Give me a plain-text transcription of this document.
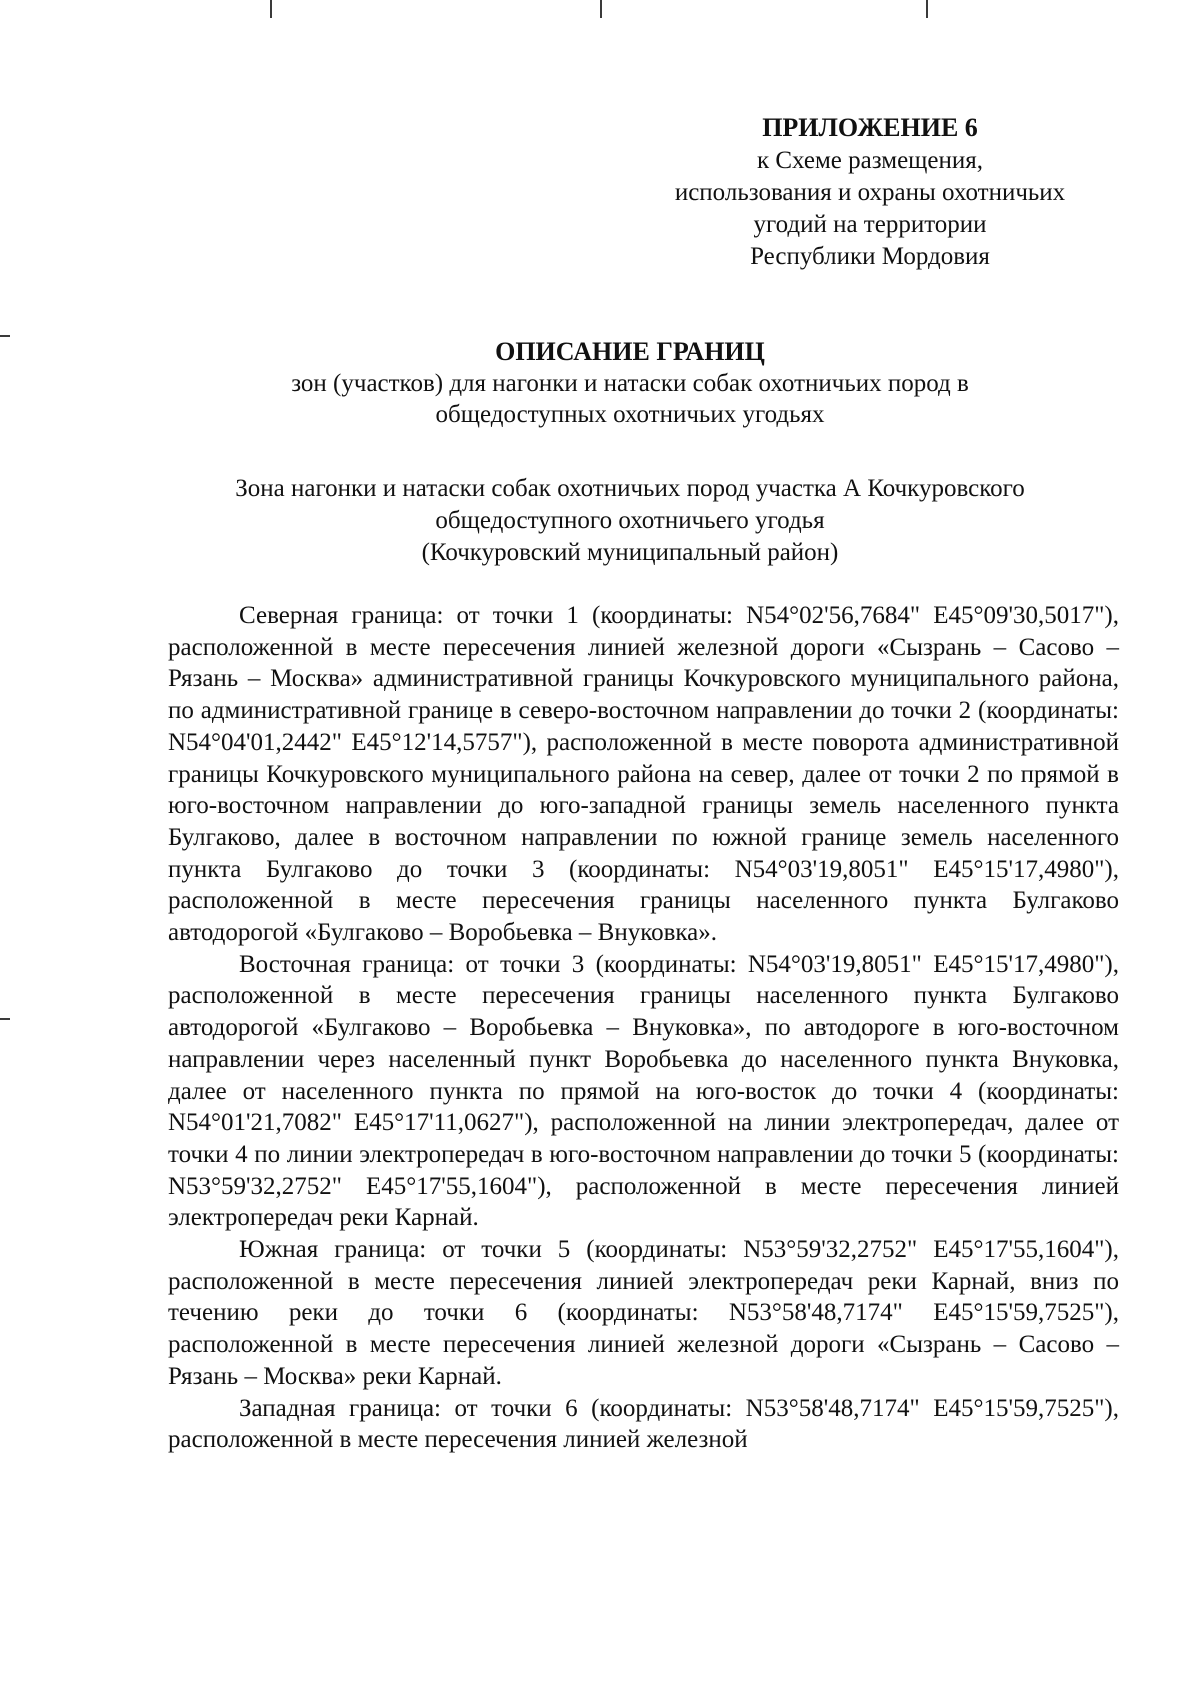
ПРИЛОЖЕНИЕ 6
к Схеме размещения,
использования и охраны охотничьих
угодий на территории
Республики Мордовия
ОПИСАНИЕ ГРАНИЦ
зон (участков) для нагонки и натаски собак охотничьих пород в
общедоступных охотничьих угодьях
Зона нагонки и натаски собак охотничьих пород участка А Кочкуровского
общедоступного охотничьего угодья
(Кочкуровский муниципальный район)

Северная граница: от точки 1 (координаты: N54°02'56,7684" E45°09'30,5017"), расположенной в месте пересечения линией железной дороги «Сызрань – Сасово – Рязань – Москва» административной границы Кочкуровского муниципального района, по административной границе в северо-восточном направлении до точки 2 (координаты: N54°04'01,2442" E45°12'14,5757"), расположенной в месте поворота административной границы Кочкуровского муниципального района на север, далее от точки 2 по прямой в юго-восточном направлении до юго-западной границы земель населенного пункта Булгаково, далее в восточном направлении по южной границе земель населенного пункта Булгаково до точки 3 (координаты: N54°03'19,8051" E45°15'17,4980"), расположенной в месте пересечения границы населенного пункта Булгаково автодорогой «Булгаково – Воробьевка – Внуковка».

Восточная граница: от точки 3 (координаты: N54°03'19,8051" E45°15'17,4980"), расположенной в месте пересечения границы населенного пункта Булгаково автодорогой «Булгаково – Воробьевка – Внуковка», по автодороге в юго-восточном направлении через населенный пункт Воробьевка до населенного пункта Внуковка, далее от населенного пункта по прямой на юго-восток до точки 4 (координаты: N54°01'21,7082" E45°17'11,0627"), расположенной на линии электропередач, далее от точки 4 по линии электропередач в юго-восточном направлении до точки 5 (координаты: N53°59'32,2752" E45°17'55,1604"), расположенной в месте пересечения линией электропередач реки Карнай.

Южная граница: от точки 5 (координаты: N53°59'32,2752" E45°17'55,1604"), расположенной в месте пересечения линией электропередач реки Карнай, вниз по течению реки до точки 6 (координаты: N53°58'48,7174" E45°15'59,7525"), расположенной в месте пересечения линией железной дороги «Сызрань – Сасово – Рязань – Москва» реки Карнай.

Западная граница: от точки 6 (координаты: N53°58'48,7174" E45°15'59,7525"), расположенной в месте пересечения линией железной
